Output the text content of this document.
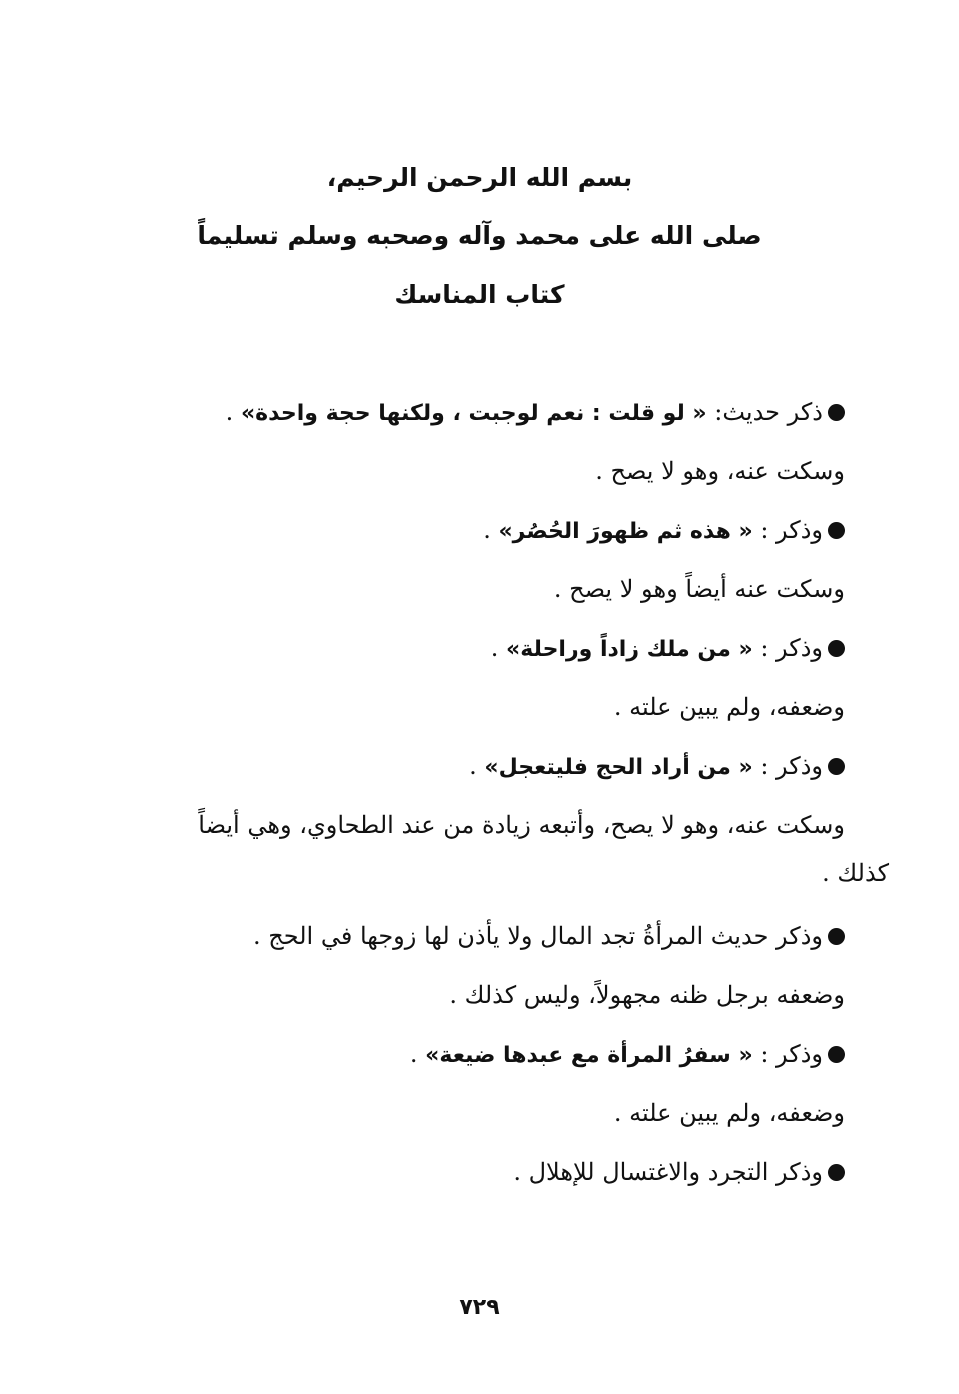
بسم الله الرحمن الرحيم،
صلى الله على محمد وآله وصحبه وسلم تسليماً
كتاب المناسك
ذكر حديث: « لو قلت : نعم لوجبت ، ولكنها حجة واحدة» .
وسكت عنه، وهو لا يصح .
وذكر : « هذه ثم ظهورَ الحُصُر» .
وسكت عنه أيضاً وهو لا يصح .
وذكر : « من ملك زاداً وراحلة» .
وضعفه، ولم يبين علته .
وذكر : « من أراد الحج فليتعجل» .
وسكت عنه، وهو لا يصح، وأتبعه زيادة من عند الطحاوي، وهي أيضاً
كذلك .
وذكر حديث المرأةُ تجد المال ولا يأذن لها زوجها في الحج .
وضعفه برجل ظنه مجهولاً، وليس كذلك .
وذكر : « سفرُ المرأة مع عبدها ضيعة» .
وضعفه، ولم يبين علته .
وذكر التجرد والاغتسال للإهلال .
٧٢٩
